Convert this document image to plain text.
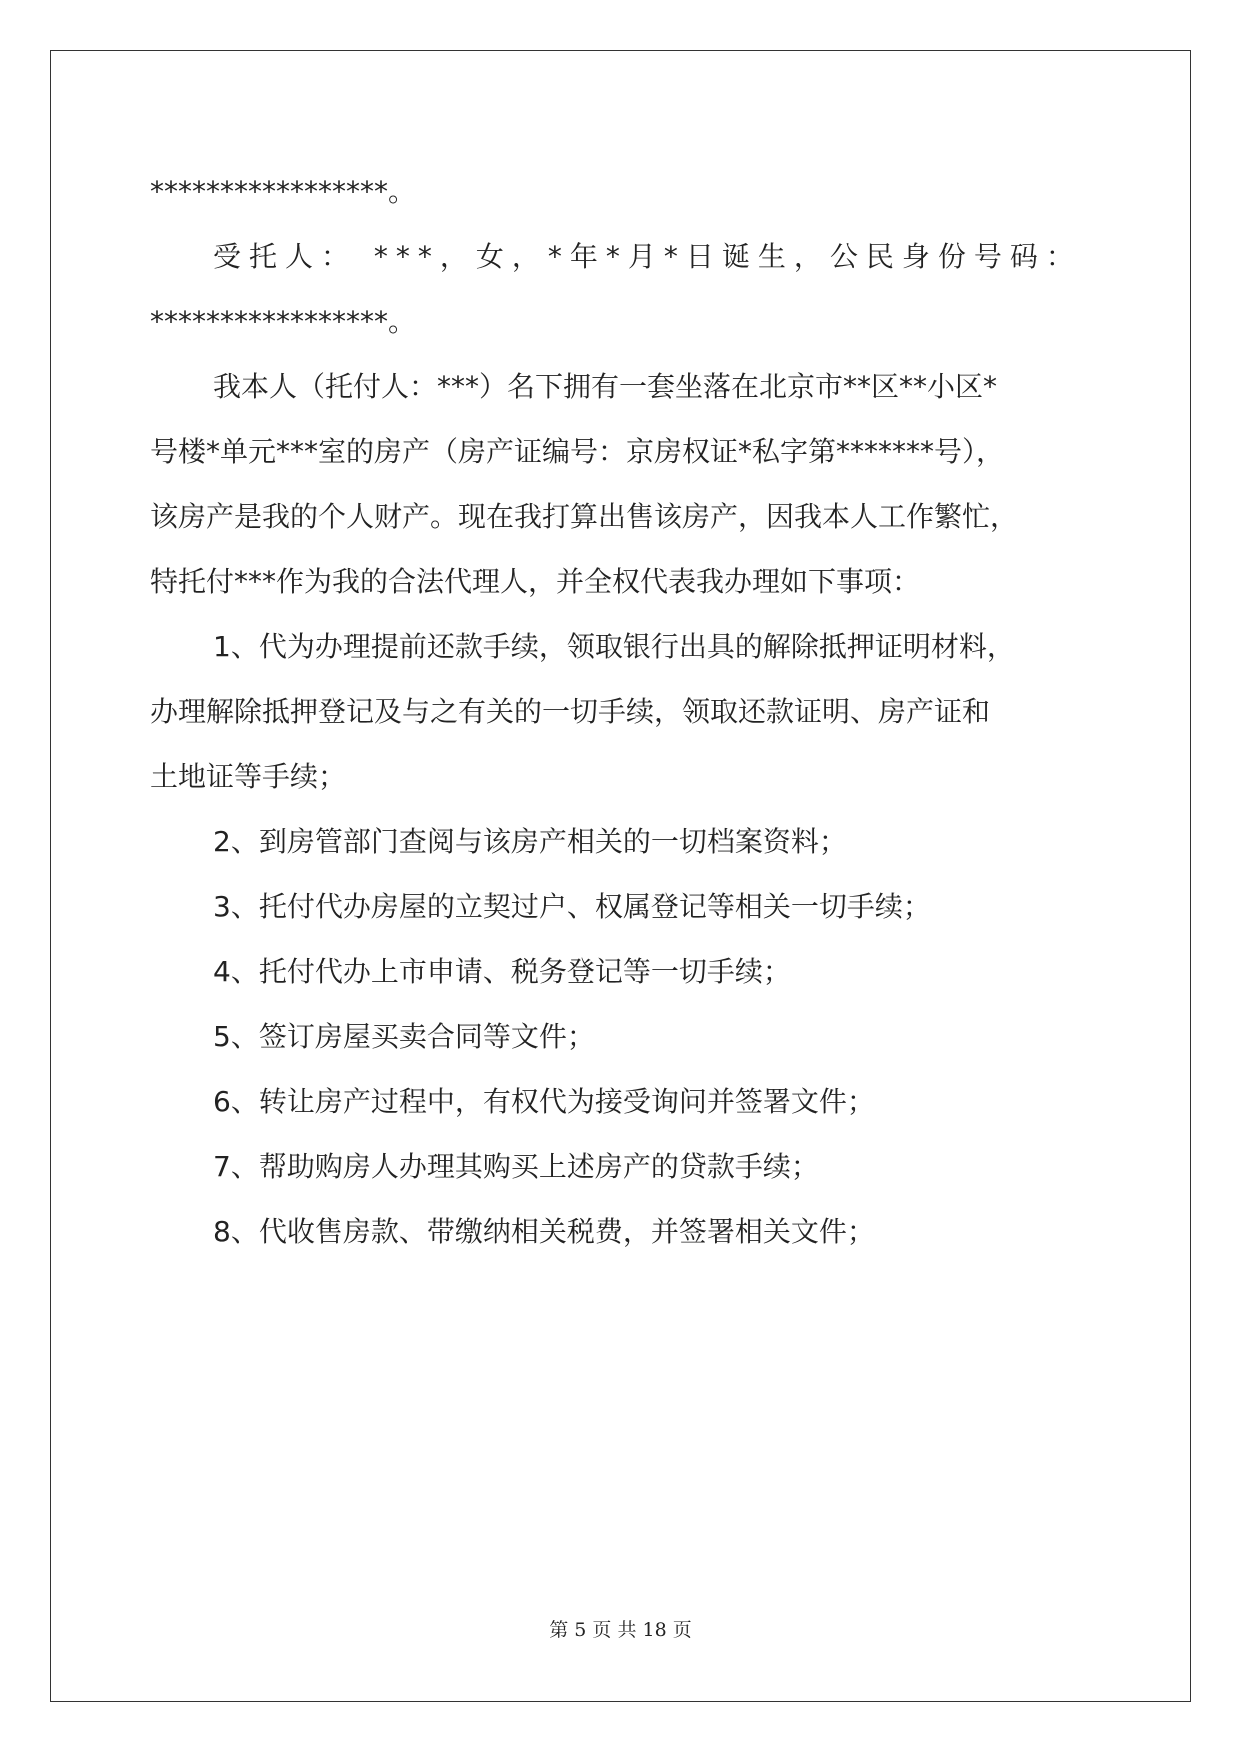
*****************。
受托人： ***，女，*年*月*日诞生，公民身份号码：
*****************。
我本人（托付人：***）名下拥有一套坐落在北京市**区**小区*
号楼*单元***室的房产（房产证编号：京房权证*私字第*******号），
该房产是我的个人财产。现在我打算出售该房产，因我本人工作繁忙，
特托付***作为我的合法代理人，并全权代表我办理如下事项：
1、代为办理提前还款手续，领取银行出具的解除抵押证明材料，
办理解除抵押登记及与之有关的一切手续，领取还款证明、房产证和
土地证等手续；
2、到房管部门查阅与该房产相关的一切档案资料；
3、托付代办房屋的立契过户、权属登记等相关一切手续；
4、托付代办上市申请、税务登记等一切手续；
5、签订房屋买卖合同等文件；
6、转让房产过程中，有权代为接受询问并签署文件；
7、帮助购房人办理其购买上述房产的贷款手续；
8、代收售房款、带缴纳相关税费，并签署相关文件；
第 5 页 共 18 页
